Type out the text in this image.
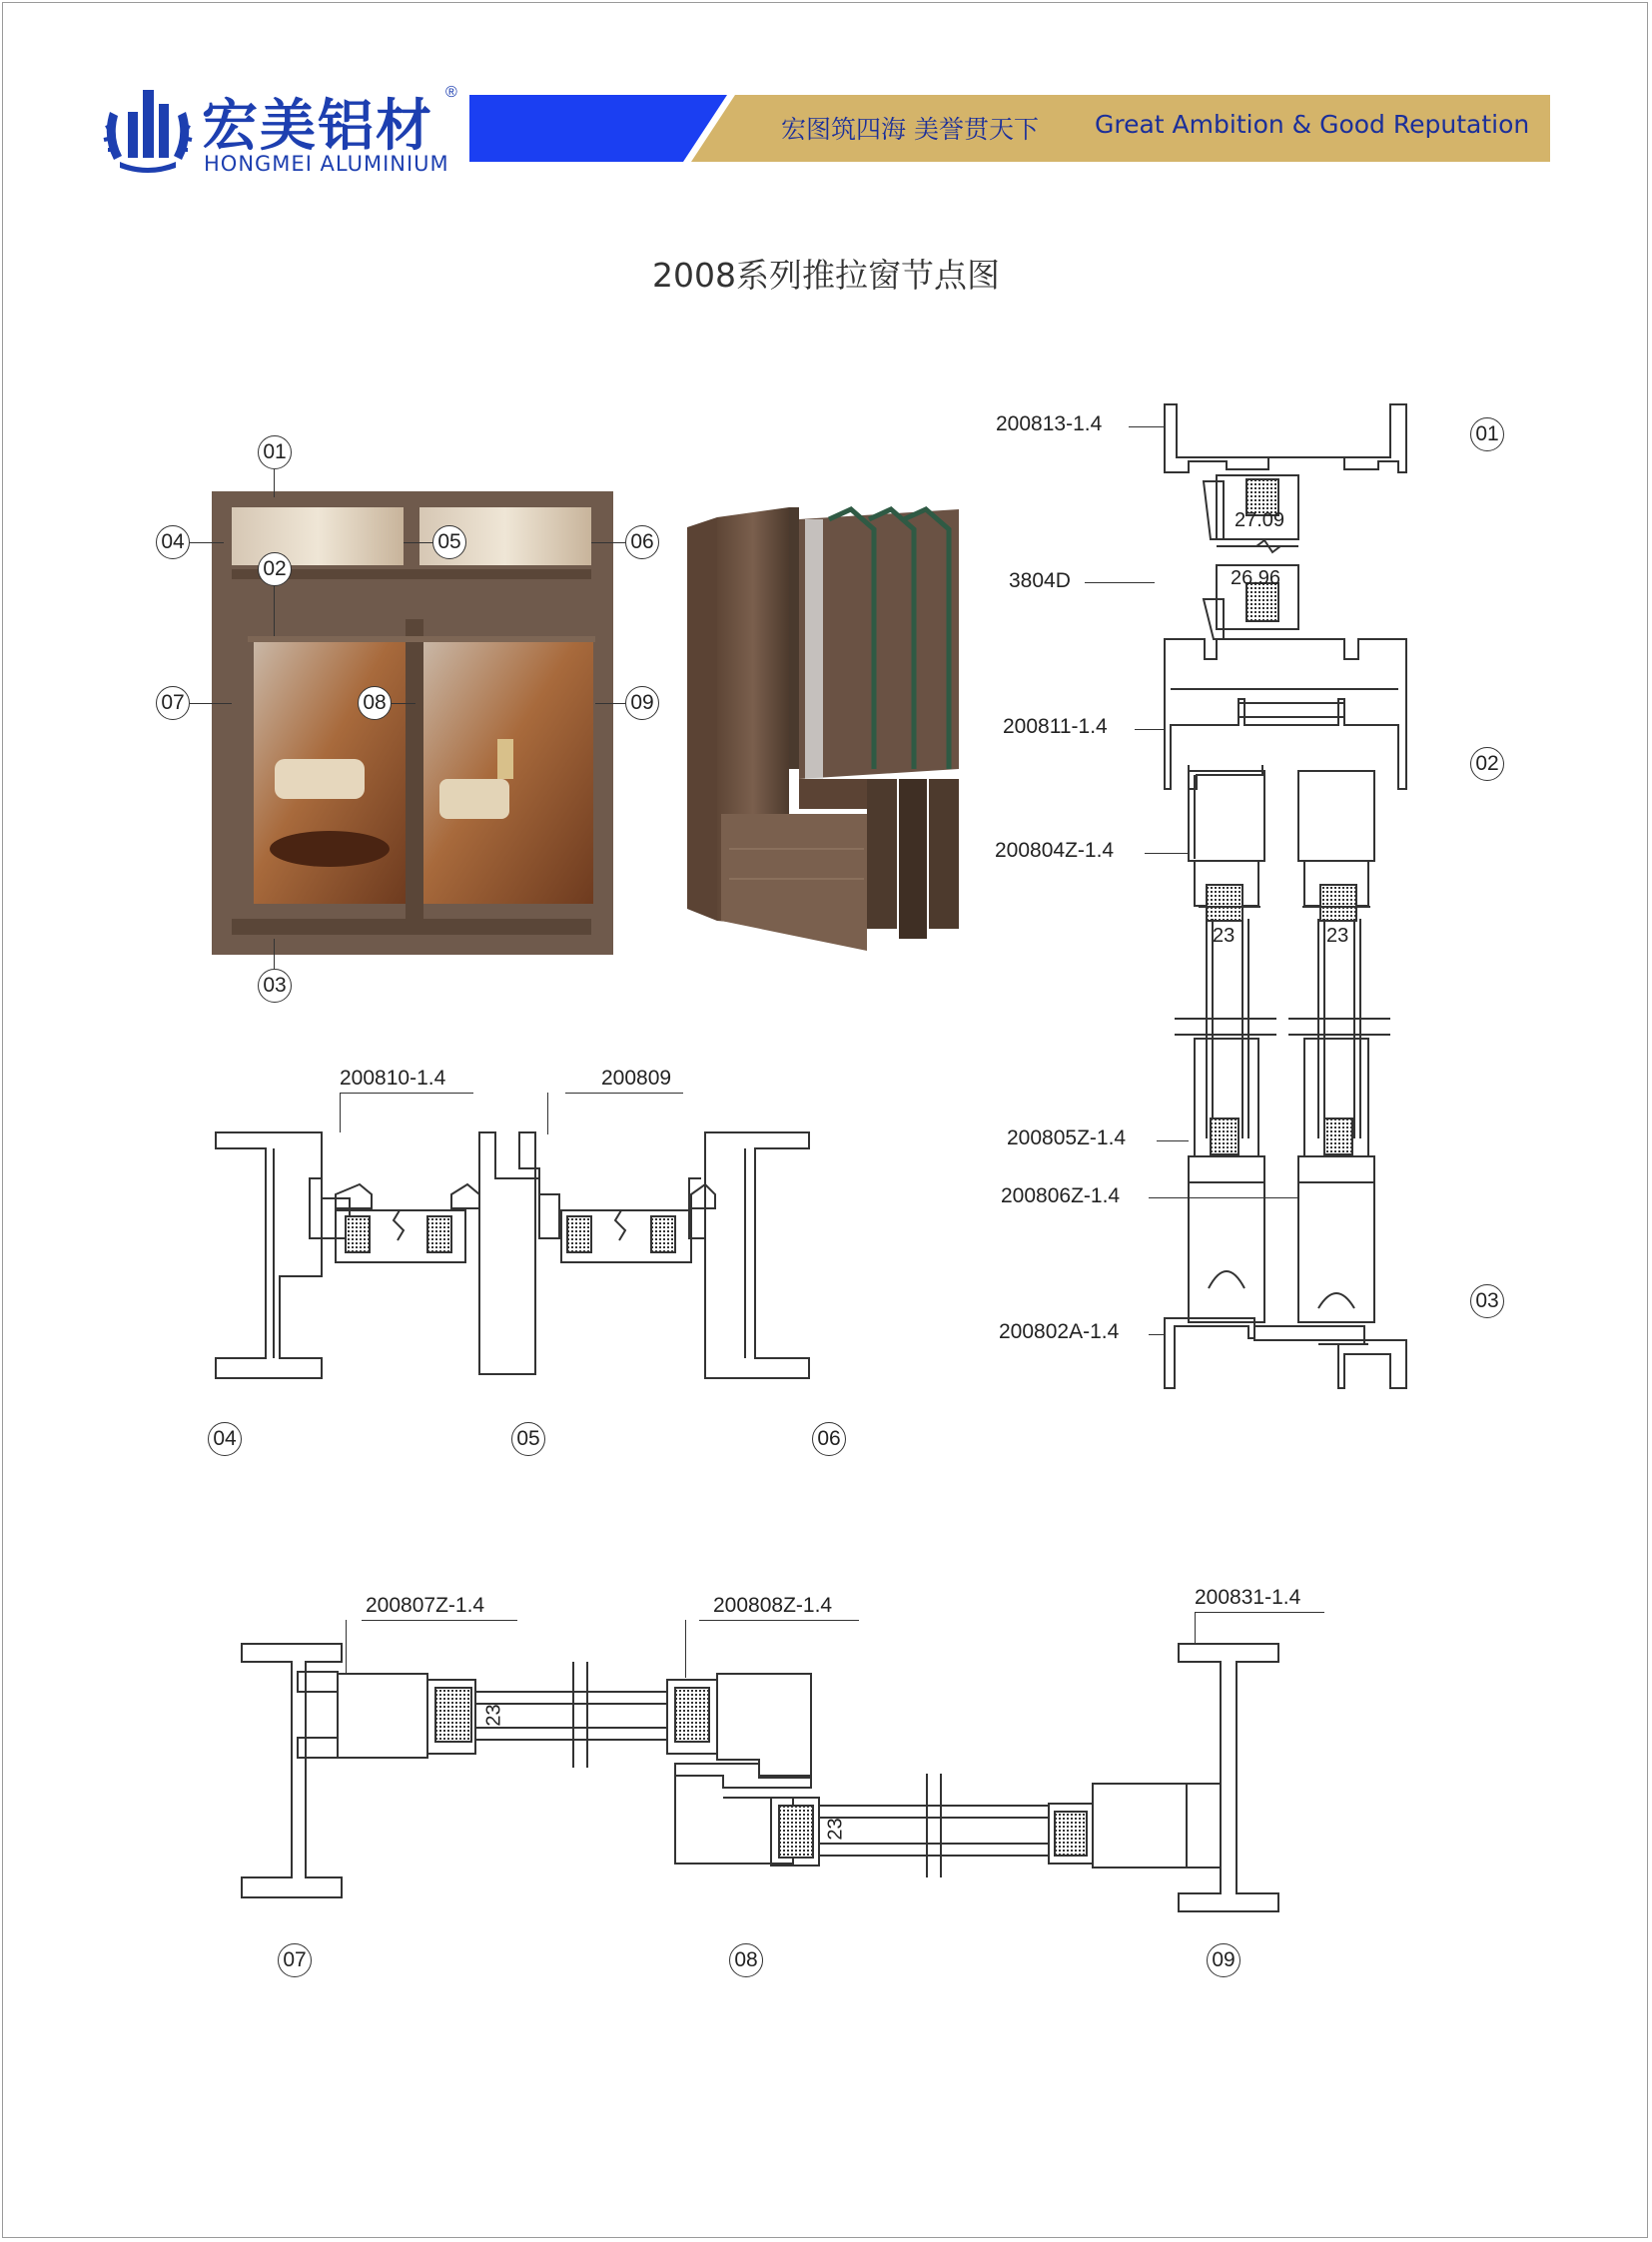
宏美铝材
®
HONGMEI ALUMINIUM
宏图筑四海 美誉贯天下 Great Ambition & Good Reputation
2008系列推拉窗节点图
01
02
03
04	05	06
07	08	09
200813-1.4
3804D
200811-1.4
200804Z-1.4
200805Z-1.4
200806Z-1.4
200802A-1.4
27.09
26.96
23	23
01
02
03
200810-1.4	200809
04	05	06
200807Z-1.4	200808Z-1.4	200831-1.4
23
23
07	08	09
